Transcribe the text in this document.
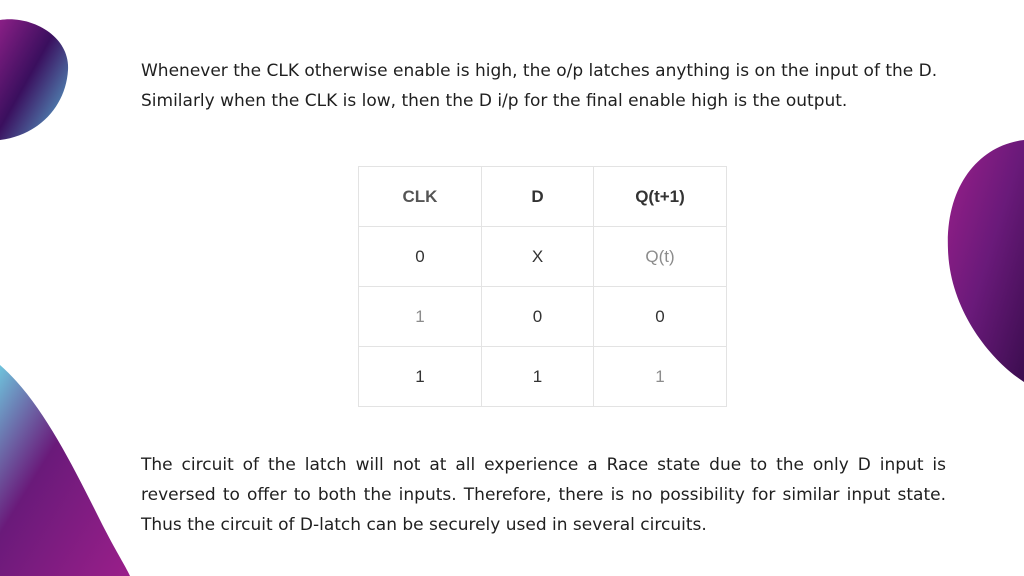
Whenever the CLK otherwise enable is high, the o/p latches anything is on the input of the D. Similarly when the CLK is low, then the D i/p for the final enable high is the output.
CLK	D	Q(t+1)
0	X	Q(t)
1	0	0
1	1	1
The circuit of the latch will not at all experience a Race state due to the only D input is reversed to offer to both the inputs. Therefore, there is no possibility for similar input state. Thus the circuit of D-latch can be securely used in several circuits.
